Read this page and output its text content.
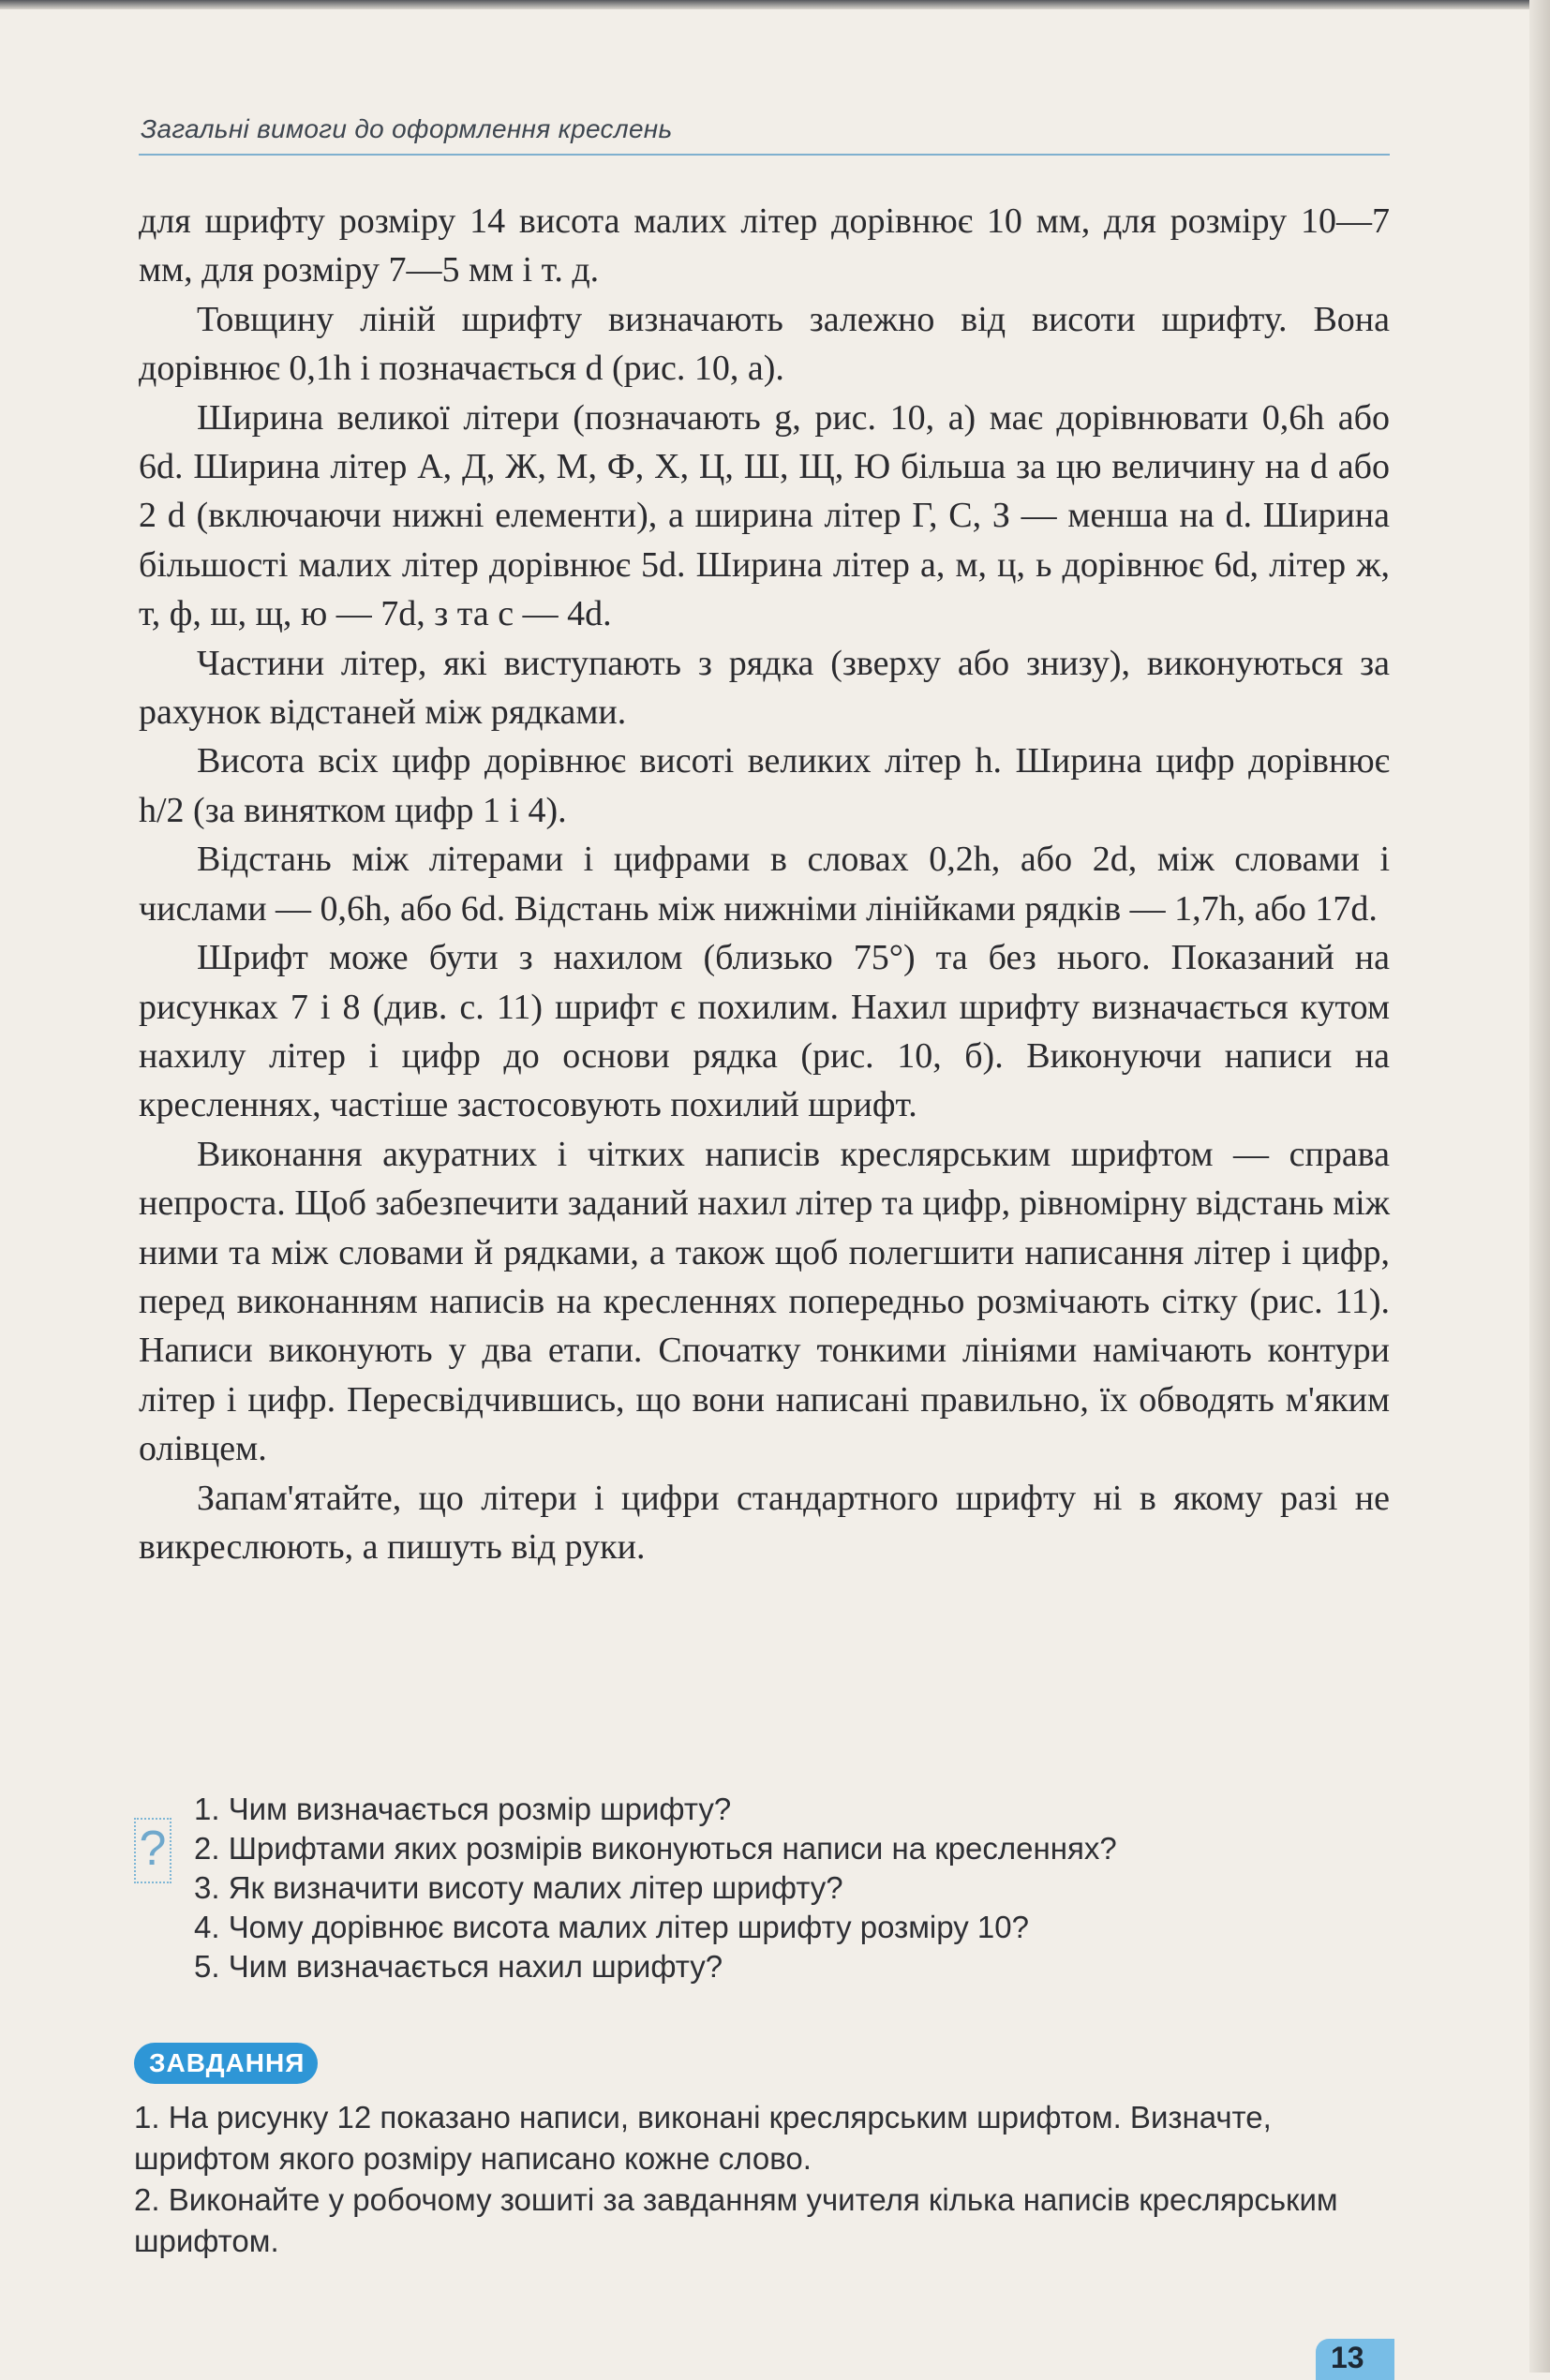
Загальні вимоги до оформлення креслень

для шрифту розміру 14 висота малих літер дорівнює 10 мм, для розміру 10—7 мм, для розміру 7—5 мм і т. д.

Товщину ліній шрифту визначають залежно від висоти шрифту. Вона дорівнює 0,1h і позначається d (рис. 10, а).

Ширина великої літери (позначають g, рис. 10, а) має дорівнювати 0,6h або 6d. Ширина літер А, Д, Ж, М, Ф, Х, Ц, Ш, Щ, Ю більша за цю величину на d або 2 d (включаючи нижні елементи), а ширина літер Г, С, З — менша на d. Ширина більшості малих літер дорівнює 5d. Ширина літер а, м, ц, ь дорівнює 6d, літер ж, т, ф, ш, щ, ю — 7d, з та с — 4d.

Частини літер, які виступають з рядка (зверху або знизу), виконуються за рахунок відстаней між рядками.

Висота всіх цифр дорівнює висоті великих літер h. Ширина цифр дорівнює h/2 (за винятком цифр 1 і 4).

Відстань між літерами і цифрами в словах 0,2h, або 2d, між словами і числами — 0,6h, або 6d. Відстань між нижніми лінійками рядків — 1,7h, або 17d.

Шрифт може бути з нахилом (близько 75°) та без нього. Показаний на рисунках 7 і 8 (див. с. 11) шрифт є похилим. Нахил шрифту визначається кутом нахилу літер і цифр до основи рядка (рис. 10, б). Виконуючи написи на кресленнях, частіше застосовують похилий шрифт.

Виконання акуратних і чітких написів креслярським шрифтом — справа непроста. Щоб забезпечити заданий нахил літер та цифр, рівномірну відстань між ними та між словами й рядками, а також щоб полегшити написання літер і цифр, перед виконанням написів на кресленнях попередньо розмічають сітку (рис. 11). Написи виконують у два етапи. Спочатку тонкими лініями намічають контури літер і цифр. Пересвідчившись, що вони написані правильно, їх обводять м'яким олівцем.

Запам'ятайте, що літери і цифри стандартного шрифту ні в якому разі не викреслюють, а пишуть від руки.

?
1. Чим визначається розмір шрифту?
2. Шрифтами яких розмірів виконуються написи на кресленнях?
3. Як визначити висоту малих літер шрифту?
4. Чому дорівнює висота малих літер шрифту розміру 10?
5. Чим визначається нахил шрифту?
ЗАВДАННЯ

1. На рисунку 12 показано написи, виконані креслярським шрифтом. Визначте, шрифтом якого розміру написано кожне слово.

2. Виконайте у робочому зошиті за завданням учителя кілька написів креслярським шрифтом.

13
